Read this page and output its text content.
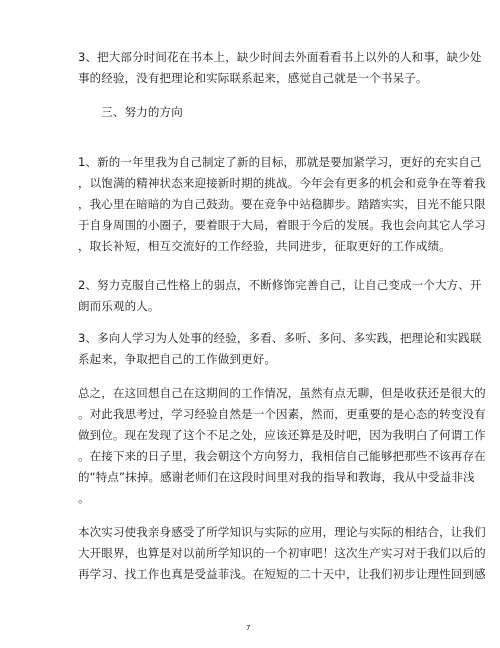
3、把大部分时间花在书本上，缺少时间去外面看看书上以外的人和事，缺少处
事的经验，没有把理论和实际联系起来，感觉自己就是一个书呆子。
　　三、努力的方向
1、新的一年里我为自己制定了新的目标，那就是要加紧学习，更好的充实自己
，以饱满的精神状态来迎接新时期的挑战。今年会有更多的机会和竞争在等着我
，我心里在暗暗的为自己鼓劲。要在竞争中站稳脚步。踏踏实实，目光不能只限
于自身周围的小圈子，要着眼于大局，着眼于今后的发展。我也会向其它人学习
，取长补短，相互交流好的工作经验，共同进步，征取更好的工作成绩。
2、努力克服自己性格上的弱点，不断修饰完善自己，让自己变成一个大方、开
朗而乐观的人。
3、多向人学习为人处事的经验，多看、多听、多问、多实践，把理论和实践联
系起来，争取把自己的工作做到更好。
总之，在这回想自己在这期间的工作情况，虽然有点无聊，但是收获还是很大的
。对此我思考过，学习经验自然是一个因素，然而，更重要的是心态的转变没有
做到位。现在发现了这个不足之处，应该还算是及时吧，因为我明白了何谓工作
。在接下来的日子里，我会朝这个方向努力，我相信自己能够把那些不该再存在
的“特点”抹掉。感谢老师们在这段时间里对我的指导和教诲，我从中受益非浅
。
本次实习使我亲身感受了所学知识与实际的应用，理论与实际的相结合，让我们
大开眼界，也算是对以前所学知识的一个初审吧！这次生产实习对于我们以后的
再学习、找工作也真是受益菲浅。在短短的二十天中，让我们初步让理性回到感
7
